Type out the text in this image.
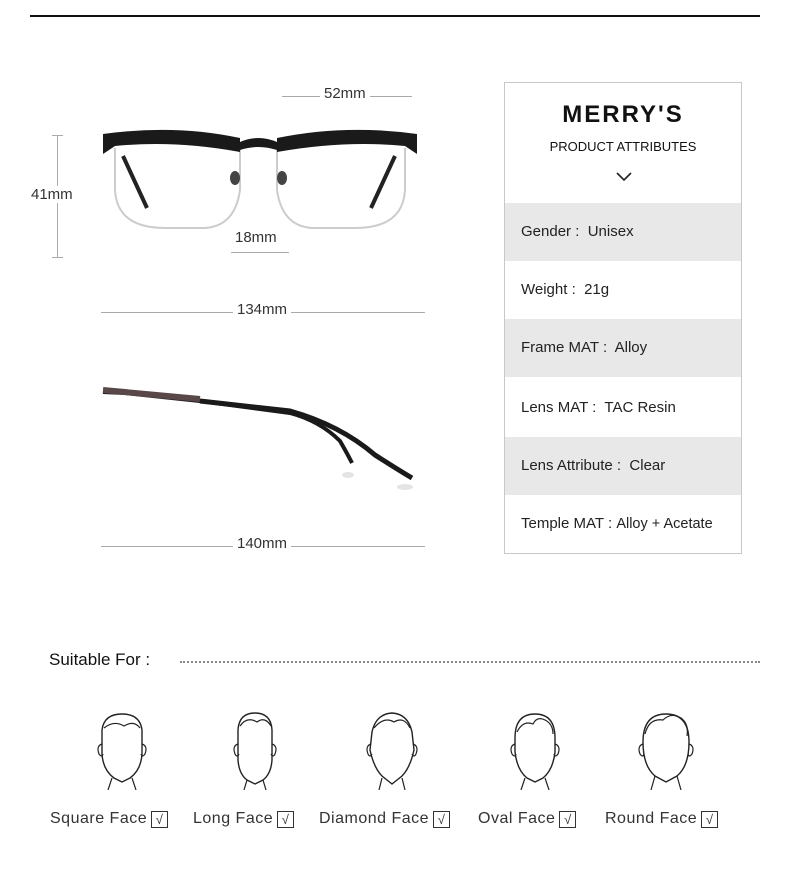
52mm
41mm
18mm
134mm
140mm
MERRY'S
PRODUCT ATTRIBUTES
Gender : Unisex
Weight : 21g
Frame MAT : Alloy
Lens MAT : TAC Resin
Lens Attribute : Clear
Temple MAT : Alloy + Acetate
Suitable For :
Square Face √ Long Face √ Diamond Face √ Oval Face √ Round Face √
